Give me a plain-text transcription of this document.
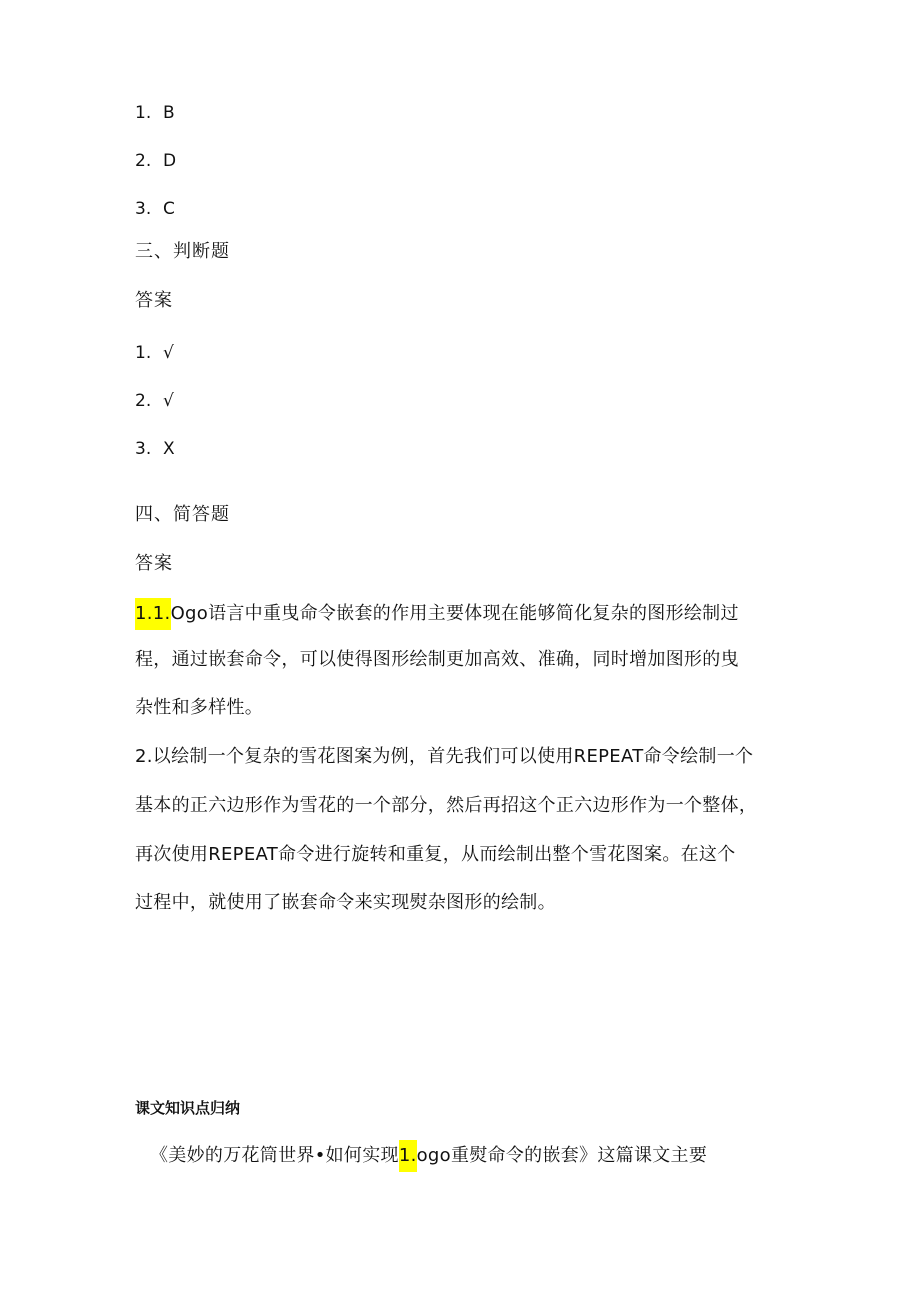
1. B
2. D
3. C
三、判断题
答案
1. √
2. √
3. X
四、简答题
答案
1.1.Ogo语言中重曳命令嵌套的作用主要体现在能够简化复杂的图形绘制过
程，通过嵌套命令，可以使得图形绘制更加高效、准确，同时增加图形的曳
杂性和多样性。
2.以绘制一个复杂的雪花图案为例，首先我们可以使用REPEAT命令绘制一个
基本的正六边形作为雪花的一个部分，然后再招这个正六边形作为一个整体，
再次使用REPEAT命令进行旋转和重复，从而绘制出整个雪花图案。在这个
过程中，就使用了嵌套命令来实现熨杂图形的绘制。
课文知识点归纳
《美妙的万花筒世界•如何实现1.ogo重熨命令的嵌套》这篇课文主要
